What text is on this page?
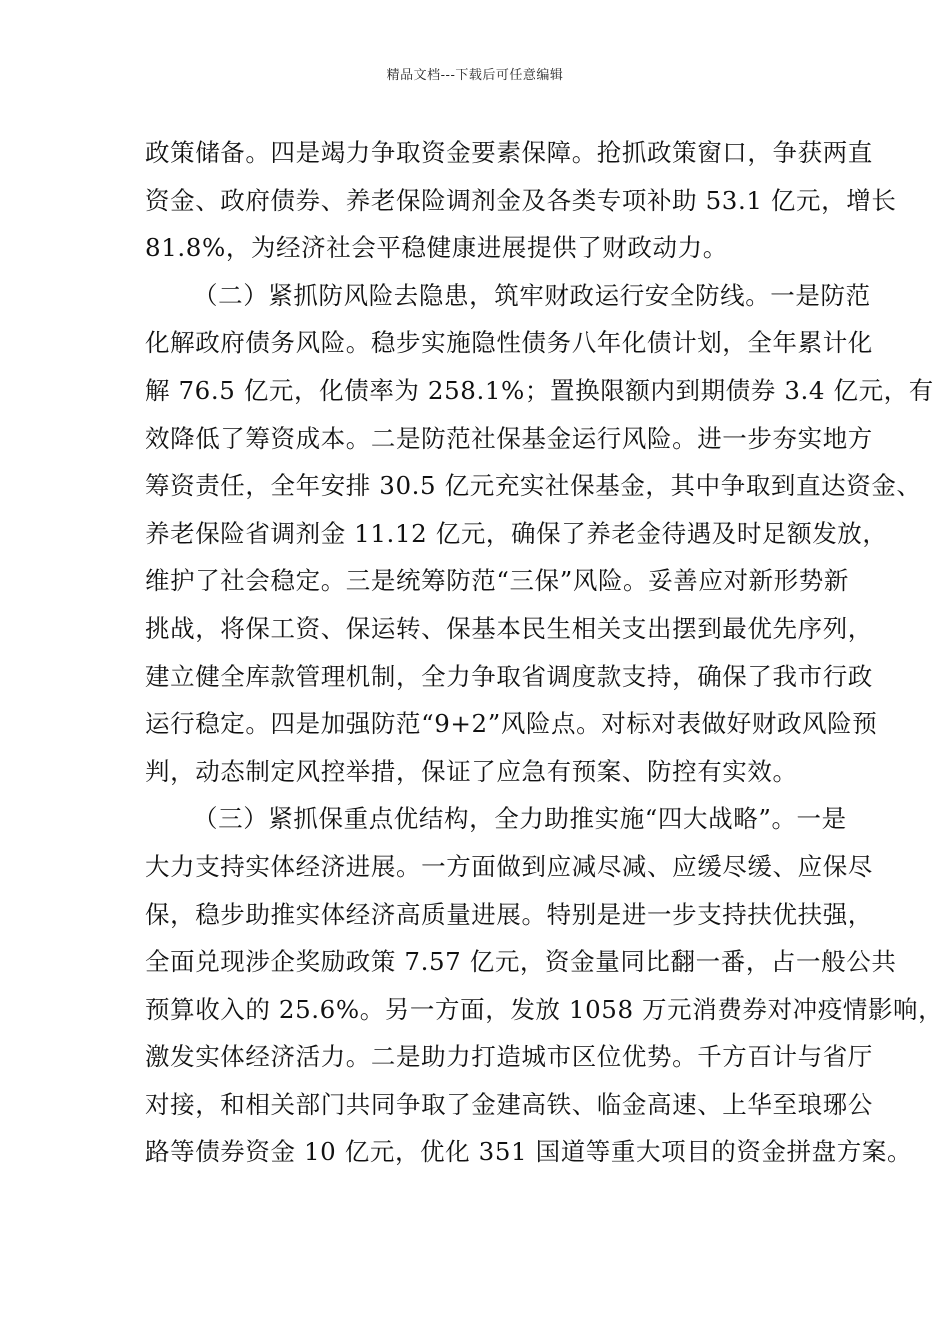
精品文档---下载后可任意编辑
政策储备。四是竭力争取资金要素保障。抢抓政策窗口，争获两直
资金、政府债券、养老保险调剂金及各类专项补助 53.1 亿元，增长
81.8%，为经济社会平稳健康进展提供了财政动力。
（二）紧抓防风险去隐患，筑牢财政运行安全防线。一是防范
化解政府债务风险。稳步实施隐性债务八年化债计划，全年累计化
解 76.5 亿元，化债率为 258.1%；置换限额内到期债券 3.4 亿元，有
效降低了筹资成本。二是防范社保基金运行风险。进一步夯实地方
筹资责任，全年安排 30.5 亿元充实社保基金，其中争取到直达资金、
养老保险省调剂金 11.12 亿元，确保了养老金待遇及时足额发放，
维护了社会稳定。三是统筹防范“三保”风险。妥善应对新形势新
挑战，将保工资、保运转、保基本民生相关支出摆到最优先序列，
建立健全库款管理机制，全力争取省调度款支持，确保了我市行政
运行稳定。四是加强防范“9+2”风险点。对标对表做好财政风险预
判，动态制定风控举措，保证了应急有预案、防控有实效。
（三）紧抓保重点优结构，全力助推实施“四大战略”。一是
大力支持实体经济进展。一方面做到应减尽减、应缓尽缓、应保尽
保，稳步助推实体经济高质量进展。特别是进一步支持扶优扶强，
全面兑现涉企奖励政策 7.57 亿元，资金量同比翻一番，占一般公共
预算收入的 25.6%。另一方面，发放 1058 万元消费券对冲疫情影响，
激发实体经济活力。二是助力打造城市区位优势。千方百计与省厅
对接，和相关部门共同争取了金建高铁、临金高速、上华至琅琊公
路等债券资金 10 亿元，优化 351 国道等重大项目的资金拼盘方案。
